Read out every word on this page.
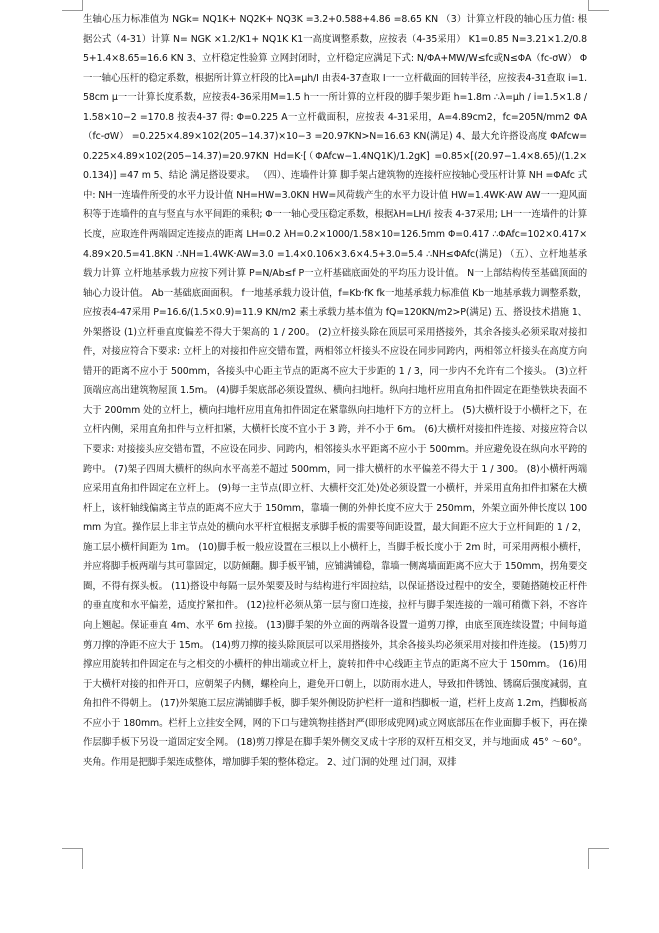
生轴心压力标准值为 NGk= NQ1K+ NQ2K+ NQ3K =3.2+0.588+4.86 =8.65 KN （3）计算立杆段的轴心压力值: 根据公式（4-31）计算 N= NGK ×1.2/K1+ NQ1K K1一高度调整系数，应按表（4-35采用） K1=0.85 N=3.21×1.2/0.85+1.4×8.65=16.6 KN 3、立杆稳定性验算 立网封闭时，立杆稳定应满足下式: N/ΦA+MW/W≤fc或N≤ΦA（fc-σW） Φ一一轴心压杆的稳定系数，根据所计算立杆段的比λ=μh/I 由表4-37查取 I一一立杆截面的回转半径，应按表4-31查取 i=1.58cm μ一一计算长度系数，应按表4-36采用M=1.5 h一一所计算的立杆段的脚手架步距 h=1.8m ∴λ=μh / i=1.5×1.8 / 1.58×10−2 =170.8 按表4-37 得: Φ=0.225 A一立杆截面积，应按表 4-31采用，A=4.89cm2，fc=205N/mm2 ΦA（fc-σW） =0.225×4.89×102(205−14.37)×10−3 =20.97KN>N=16.63 KN(满足) 4、最大允许搭设高度 ΦAfcw=0.225×4.89×102(205−14.37)=20.97KN Hd=K·[（ΦAfcw−1.4NQ1K)/1.2gK] =0.85×[(20.97−1.4×8.65)/(1.2×0.134)] =47 m 5、结论 满足搭设要求。 （四）、连墙件计算 脚手架占建筑物的连接杆应按轴心受压杆计算 NH =ΦAfc 式中: NH一连墙件所受的水平力设计值 NH=HW=3.0KN HW=风荷载产生的水平力设计值 HW=1.4WK·AW AW一一迎风面积等于连墙件的直与竖直与水平间距的乘积; Φ一一轴心受压稳定系数，根据λH=LH/i 按表 4-37采用; LH一一连墙件的计算长度，应取连件两端固定连接点的距离 LH=0.2 λH=0.2×1000/1.58×10=126.5mm Φ=0.417 ∴ΦAfc=102×0.417×4.89×20.5=41.8KN ∴NH=1.4WK·AW=3.0 =1.4×0.106×3.6×4.5+3.0=5.4 ∴NH≤ΦAfc(满足) （五）、立杆地基承载力计算 立杆地基承载力应按下列计算 P=N/Ab≤f P一立杆基础底面处的平均压力设计值。 N一上部结构传至基础顶面的轴心力设计值。 Ab一基础底面面积。 f一地基承载力设计值，f=Kb·fK fk一地基承载力标准值 Kb一地基承载力调整系数，应按表4-47采用 P=16.6/(1.5×0.9)=11.9 KN/m2 素土承载力基本值为 fQ=120KN/m2>P(满足) 五、搭设技术措施 1、外架搭设 (1)立杆垂直度偏差不得大于架高的 1 / 200。 (2)立杆接头除在顶层可采用搭接外，其余各接头必须采取对接扣件，对接应符合下要求: 立杆上的对接扣件应交错布置，两相邻立杆接头不应设在同步同跨内，两相邻立杆接头在高度方向错开的距离不应小于 500mm，各接头中心距主节点的距离不应大于步距的 1 / 3，同一步内不允许有二个接头。 (3)立杆顶端应高出建筑物屋顶 1.5m。 (4)脚手架底部必须设置纵、横向扫地杆。纵向扫地杆应用直角扣件固定在距垫铁块表面不大于 200mm 处的立杆上，横向扫地杆应用直角扣件固定在紧靠纵向扫地杆下方的立杆上。 (5)大横杆设于小横杆之下，在立杆内侧，采用直角扣件与立杆扣紧，大横杆长度不宜小于 3 跨，并不小于 6m。 (6)大横杆对接扣件连接、对接应符合以下要求: 对接接头应交错布置，不应设在同步、同跨内，相邻接头水平距离不应小于 500mm。并应避免设在纵向水平跨的跨中。 (7)架子四周大横杆的纵向水平高差不超过 500mm，同一排大横杆的水平偏差不得大于 1 / 300。 (8)小横杆两端应采用直角扣件固定在立杆上。 (9)每一主节点(即立杆、大横杆交汇处)处必须设置一小横杆，并采用直角扣件扣紧在大横杆上，该杆轴线偏离主节点的距离不应大于 150mm，靠墙一侧的外伸长度不应大于 250mm，外架立面外伸长度以 100mm 为宜。操作层上非主节点处的横向水平杆宜根据支承脚手板的需要等间距设置，最大间距不应大于立杆间距的 1 / 2，施工层小横杆间距为 1m。 (10)脚手板一般应设置在三根以上小横杆上，当脚手板长度小于 2m 时，可采用两根小横杆，并应将脚手板两端与其可靠固定，以防倾翻。脚手板平铺，应铺满铺稳，靠墙一侧离墙面距离不应大于 150mm，拐角要交圈，不得有探头板。 (11)搭设中每隔一层外架要及时与结构进行牢固拉结，以保证搭设过程中的安全，要随搭随校正杆件的垂直度和水平偏差，适度拧紧扣件。 (12)拉杆必须从第一层与窗口连接，拉杆与脚手架连接的一端可稍微下斜，不容许向上翘起。保证垂直 4m、水平 6m 拉接。 (13)脚手架的外立面的两端各设置一道剪刀撑，由底至顶连续设置；中间每道剪刀撑的净距不应大于 15m。 (14)剪刀撑的接头除顶层可以采用搭接外，其余各接头均必须采用对接扣件连接。 (15)剪刀撑应用旋转扣件固定在与之相交的小横杆的伸出端或立杆上，旋转扣件中心线距主节点的距离不应大于 150mm。 (16)用于大横杆对接的扣件开口，应朝架子内侧，螺栓向上，避免开口朝上，以防雨水进人，导致扣件锈蚀、锈腐后强度减弱，直角扣件不得朝上。 (17)外架施工层应满铺脚手板，脚手架外侧设防护栏杆一道和挡脚板一道，栏杆上皮高 1.2m，挡脚板高不应小于 180mm。栏杆上立挂安全网，网的下口与建筑物挂搭封严(即形成兜网)或立网底部压在作业面脚手板下，再在操作层脚手板下另设一道固定安全网。 (18)剪刀撑是在脚手架外侧交叉成十字形的双杆互相交叉，并与地面成 45° ～60°。夹角。作用是把脚手架连成整体，增加脚手架的整体稳定。 2、过门洞的处理 过门洞，双排
